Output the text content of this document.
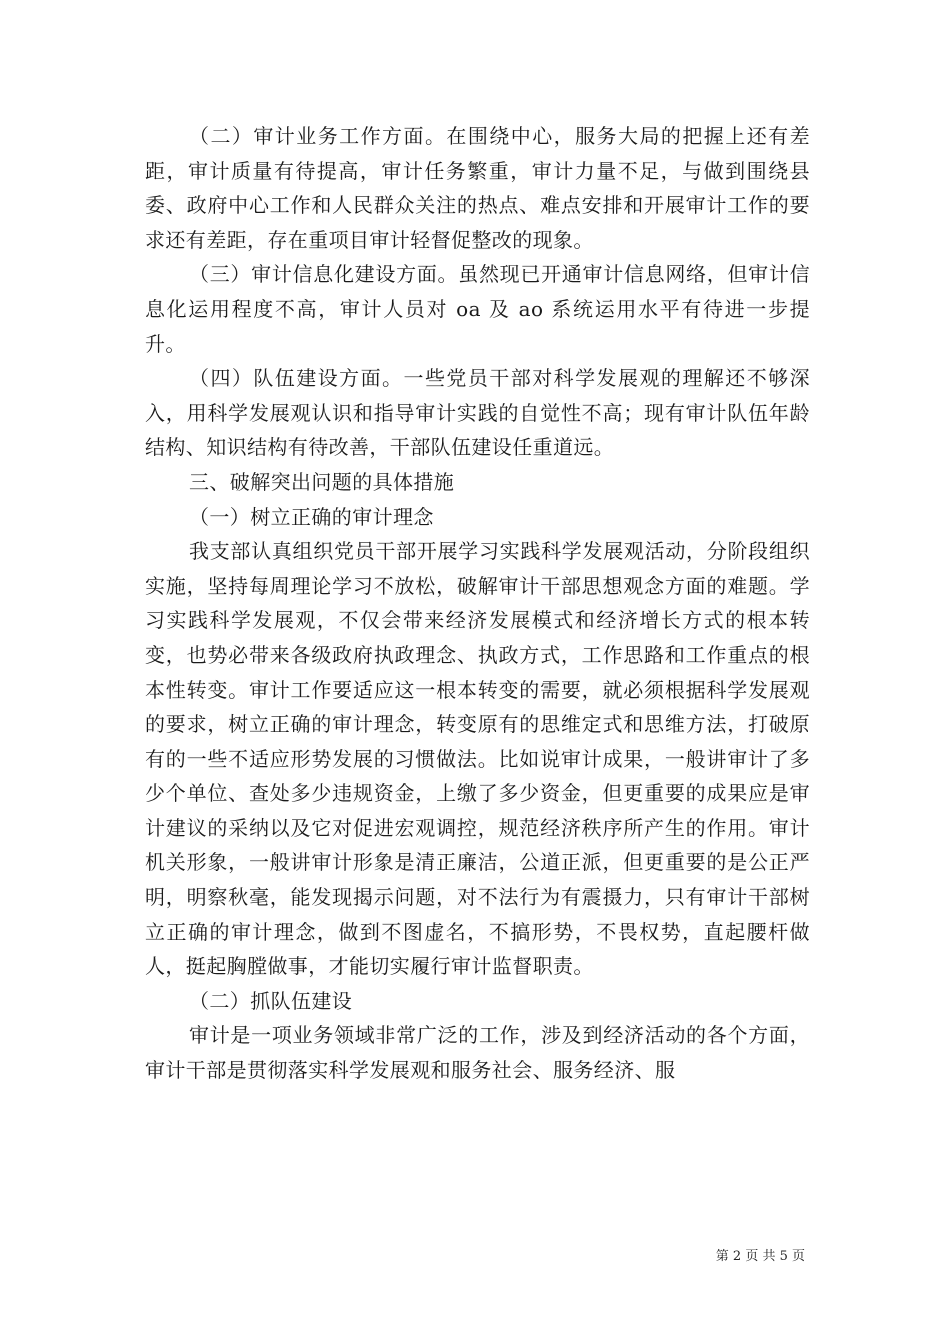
（二）审计业务工作方面。在围绕中心，服务大局的把握上还有差距，审计质量有待提高，审计任务繁重，审计力量不足，与做到围绕县委、政府中心工作和人民群众关注的热点、难点安排和开展审计工作的要求还有差距，存在重项目审计轻督促整改的现象。

（三）审计信息化建设方面。虽然现已开通审计信息网络，但审计信息化运用程度不高，审计人员对 oa 及 ao 系统运用水平有待进一步提升。

（四）队伍建设方面。一些党员干部对科学发展观的理解还不够深入，用科学发展观认识和指导审计实践的自觉性不高；现有审计队伍年龄结构、知识结构有待改善，干部队伍建设任重道远。

三、破解突出问题的具体措施

（一）树立正确的审计理念

我支部认真组织党员干部开展学习实践科学发展观活动，分阶段组织实施，坚持每周理论学习不放松，破解审计干部思想观念方面的难题。学习实践科学发展观，不仅会带来经济发展模式和经济增长方式的根本转变，也势必带来各级政府执政理念、执政方式，工作思路和工作重点的根本性转变。审计工作要适应这一根本转变的需要，就必须根据科学发展观的要求，树立正确的审计理念，转变原有的思维定式和思维方法，打破原有的一些不适应形势发展的习惯做法。比如说审计成果，一般讲审计了多少个单位、查处多少违规资金，上缴了多少资金，但更重要的成果应是审计建议的采纳以及它对促进宏观调控，规范经济秩序所产生的作用。审计机关形象，一般讲审计形象是清正廉洁，公道正派，但更重要的是公正严明，明察秋毫，能发现揭示问题，对不法行为有震摄力，只有审计干部树立正确的审计理念，做到不图虚名，不搞形势，不畏权势，直起腰杆做人，挺起胸膛做事，才能切实履行审计监督职责。

（二）抓队伍建设

审计是一项业务领域非常广泛的工作，涉及到经济活动的各个方面，审计干部是贯彻落实科学发展观和服务社会、服务经济、服

第 2 页 共 5 页
